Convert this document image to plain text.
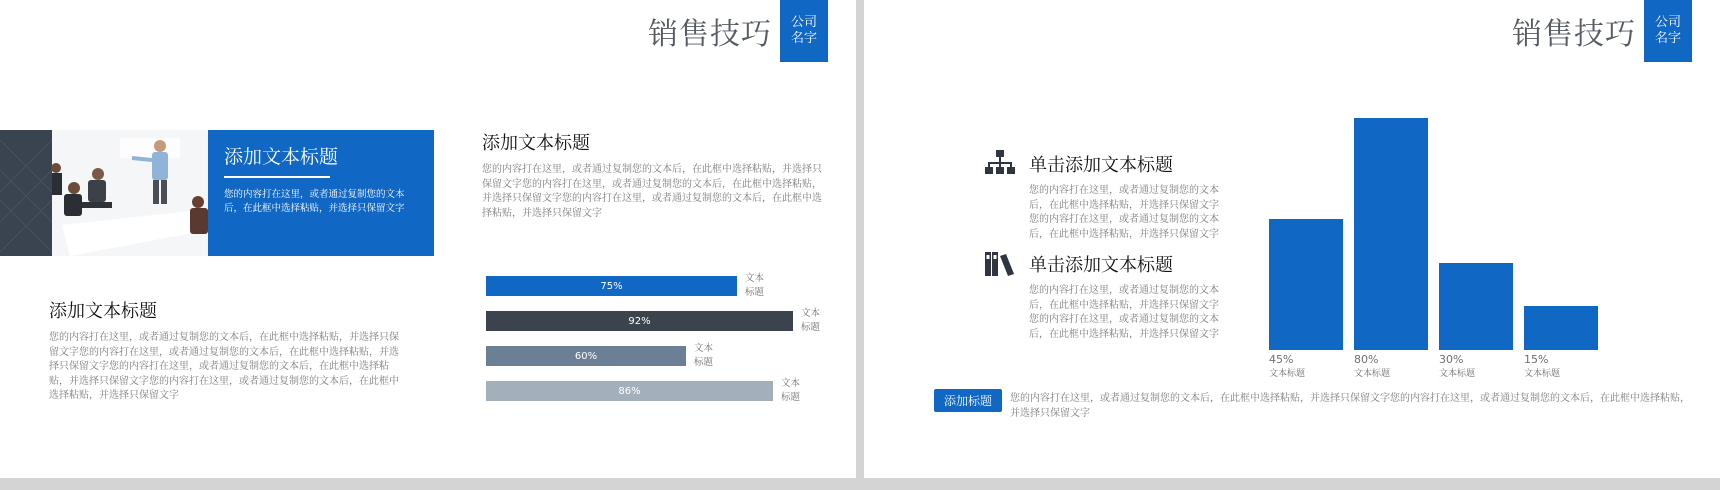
销售技巧	公司名字
添加文本标题
您的内容打在这里，或者通过复制您的文本后，在此框中选择粘贴，并选择只保留文字
添加文本标题
您的内容打在这里，或者通过复制您的文本后，在此框中选择粘贴，并选择只保留文字您的内容打在这里，或者通过复制您的文本后，在此框中选择粘贴，并选择只保留文字您的内容打在这里，或者通过复制您的文本后，在此框中选择粘贴，并选择只保留文字
添加文本标题
您的内容打在这里，或者通过复制您的文本后，在此框中选择粘贴，并选择只保留文字您的内容打在这里，或者通过复制您的文本后，在此框中选择粘贴，并选择只保留文字您的内容打在这里，或者通过复制您的文本后，在此框中选择粘贴，并选择只保留文字您的内容打在这里，或者通过复制您的文本后，在此框中选择粘贴，并选择只保留文字
75%
文本标题
92%
文本标题
60%
文本标题
86%
文本标题
销售技巧	公司名字
单击添加文本标题
您的内容打在这里，或者通过复制您的文本后，在此框中选择粘贴，并选择只保留文字您的内容打在这里，或者通过复制您的文本后，在此框中选择粘贴，并选择只保留文字
单击添加文本标题
您的内容打在这里，或者通过复制您的文本后，在此框中选择粘贴，并选择只保留文字您的内容打在这里，或者通过复制您的文本后，在此框中选择粘贴，并选择只保留文字
45%
文本标题
80%
文本标题
30%
文本标题
15%
文本标题
添加标题	您的内容打在这里，或者通过复制您的文本后，在此框中选择粘贴，并选择只保留文字您的内容打在这里，或者通过复制您的文本后，在此框中选择粘贴，并选择只保留文字
